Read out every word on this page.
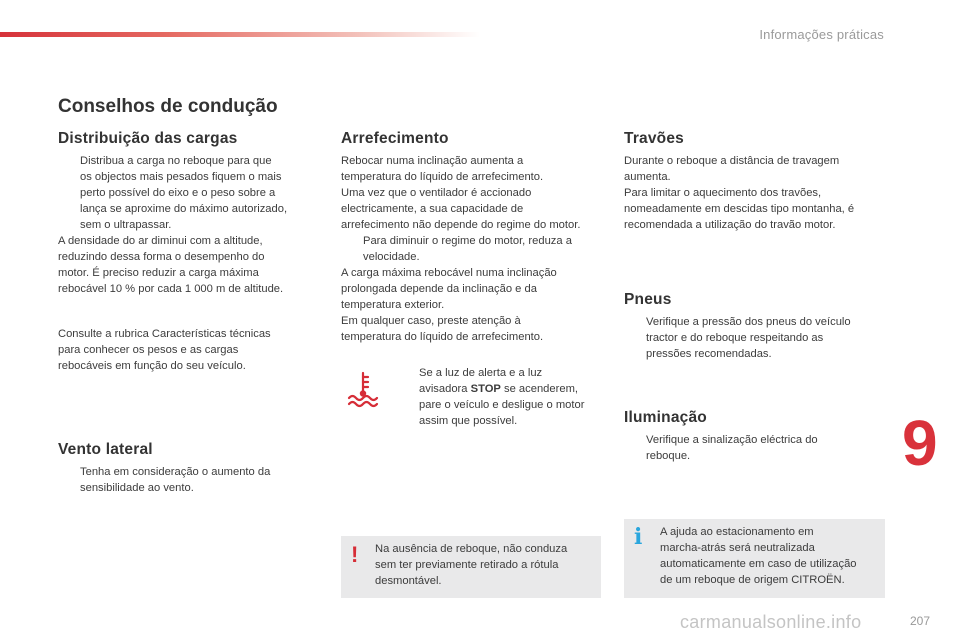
Informações práticas
Conselhos de condução
Distribuição das cargas
Distribua a carga no reboque para que
os objectos mais pesados fiquem o mais
perto possível do eixo e o peso sobre a
lança se aproxime do máximo autorizado,
sem o ultrapassar.
A densidade do ar diminui com a altitude,
reduzindo dessa forma o desempenho do
motor. É preciso reduzir a carga máxima
rebocável 10 % por cada 1 000 m de altitude.
Consulte a rubrica Características técnicas
para conhecer os pesos e as cargas
rebocáveis em função do seu veículo.
Vento lateral
Tenha em consideração o aumento da
sensibilidade ao vento.
Arrefecimento
Rebocar numa inclinação aumenta a
temperatura do líquido de arrefecimento.
Uma vez que o ventilador é accionado
electricamente, a sua capacidade de
arrefecimento não depende do regime do motor.
Para diminuir o regime do motor, reduza a
velocidade.
A carga máxima rebocável numa inclinação
prolongada depende da inclinação e da
temperatura exterior.
Em qualquer caso, preste atenção à
temperatura do líquido de arrefecimento.
Se a luz de alerta e a luz
avisadora STOP se acenderem,
pare o veículo e desligue o motor
assim que possível.
! Na ausência de reboque, não conduza
sem ter previamente retirado a rótula
desmontável.
Travões
Durante o reboque a distância de travagem
aumenta.
Para limitar o aquecimento dos travões,
nomeadamente em descidas tipo montanha, é
recomendada a utilização do travão motor.
Pneus
Verifique a pressão dos pneus do veículo
tractor e do reboque respeitando as
pressões recomendadas.
Iluminação
Verifique a sinalização eléctrica do
reboque.
i A ajuda ao estacionamento em
marcha-atrás será neutralizada
automaticamente em caso de utilização
de um reboque de origem CITROËN.
9
carmanualsonline.info	207
